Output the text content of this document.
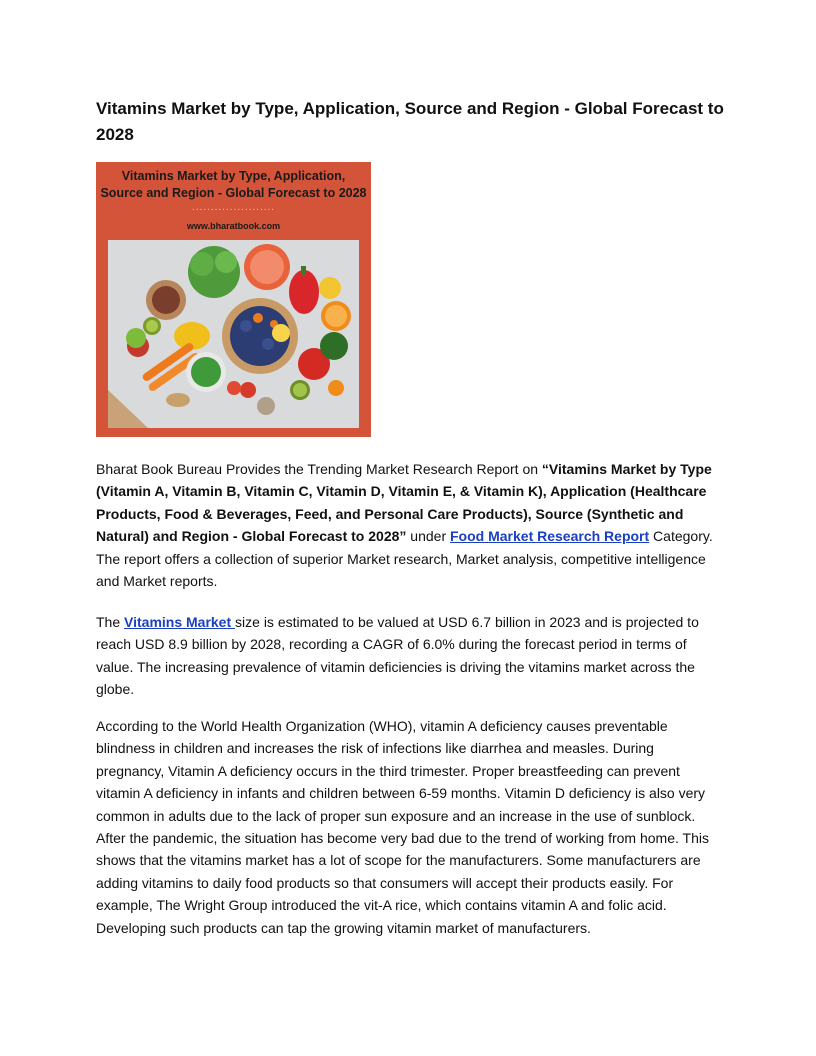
Vitamins Market by Type, Application, Source and Region - Global Forecast to 2028
Vitamins Market by Type, Application,
Source and Region - Global Forecast to 2028
......................
www.bharatbook.com

Bharat Book Bureau Provides the Trending Market Research Report on “Vitamins Market by Type (Vitamin A, Vitamin B, Vitamin C, Vitamin D, Vitamin E, & Vitamin K), Application (Healthcare Products, Food & Beverages, Feed, and Personal Care Products), Source (Synthetic and Natural) and Region - Global Forecast to 2028” under Food Market Research Report Category. The report offers a collection of superior Market research, Market analysis, competitive intelligence and Market reports.

The Vitamins Market size is estimated to be valued at USD 6.7 billion in 2023 and is projected to reach USD 8.9 billion by 2028, recording a CAGR of 6.0% during the forecast period in terms of value. The increasing prevalence of vitamin deficiencies is driving the vitamins market across the globe.

According to the World Health Organization (WHO), vitamin A deficiency causes preventable blindness in children and increases the risk of infections like diarrhea and measles. During pregnancy, Vitamin A deficiency occurs in the third trimester. Proper breastfeeding can prevent vitamin A deficiency in infants and children between 6-59 months. Vitamin D deficiency is also very common in adults due to the lack of proper sun exposure and an increase in the use of sunblock. After the pandemic, the situation has become very bad due to the trend of working from home. This shows that the vitamins market has a lot of scope for the manufacturers. Some manufacturers are adding vitamins to daily food products so that consumers will accept their products easily. For example, The Wright Group introduced the vit-A rice, which contains vitamin A and folic acid. Developing such products can tap the growing vitamin market of manufacturers.
